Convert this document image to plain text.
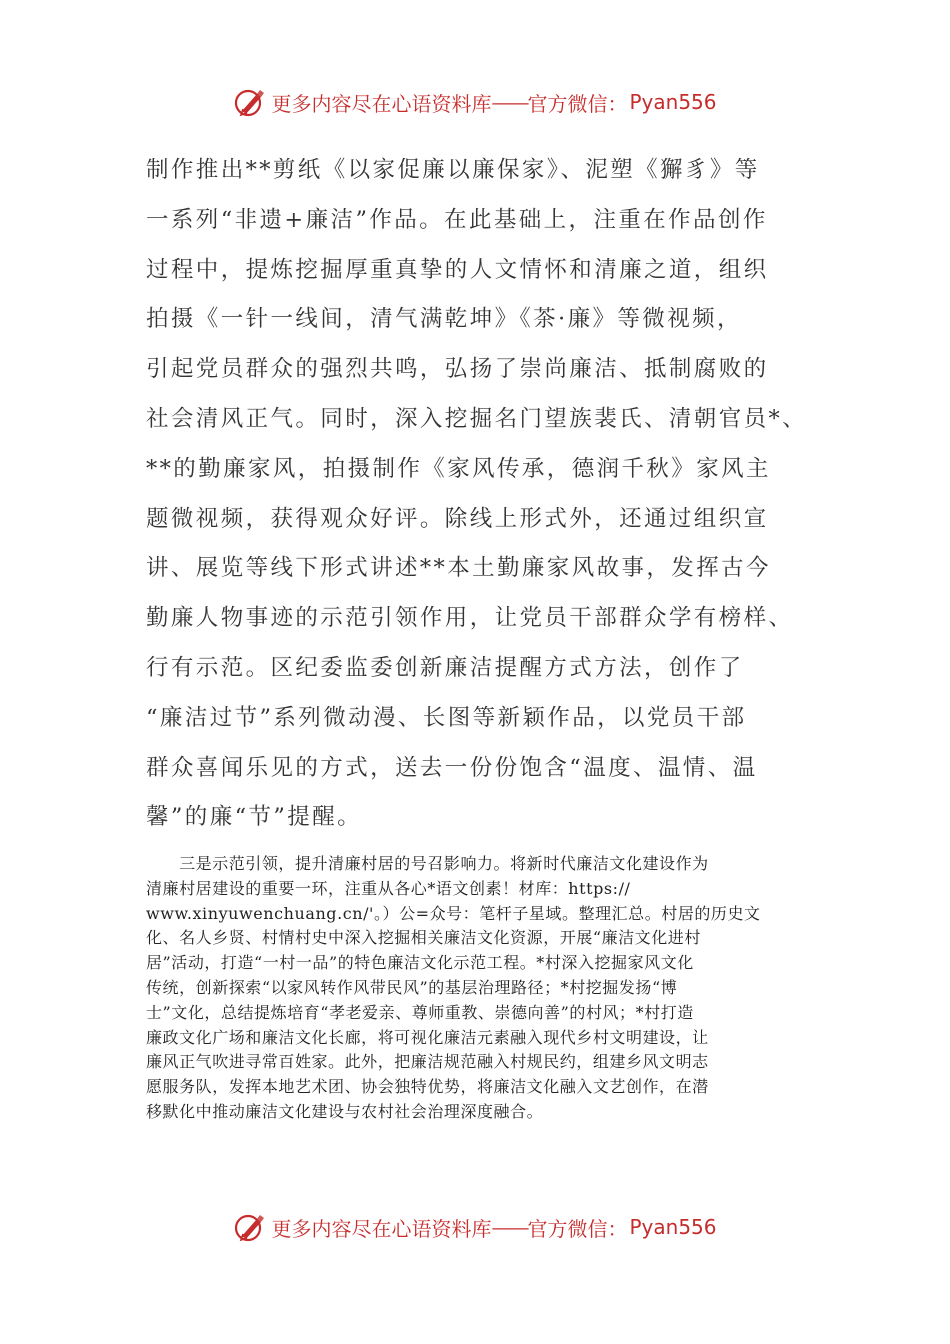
更多内容尽在心语资料库 —— 官方微信： Pyan556
制作推出**剪纸《以家促廉以廉保家》、泥塑《獬豸》等
一系列“非遗+廉洁”作品。在此基础上，注重在作品创作
过程中，提炼挖掘厚重真挚的人文情怀和清廉之道，组织
拍摄《一针一线间，清气满乾坤》《茶·廉》等微视频，
引起党员群众的强烈共鸣，弘扬了崇尚廉洁、抵制腐败的
社会清风正气。同时，深入挖掘名门望族裴氏、清朝官员*、
**的勤廉家风，拍摄制作《家风传承，德润千秋》家风主
题微视频，获得观众好评。除线上形式外，还通过组织宣
讲、展览等线下形式讲述**本土勤廉家风故事，发挥古今
勤廉人物事迹的示范引领作用，让党员干部群众学有榜样、
行有示范。区纪委监委创新廉洁提醒方式方法，创作了
“廉洁过节”系列微动漫、长图等新颖作品，以党员干部
群众喜闻乐见的方式，送去一份份饱含“温度、温情、温
馨”的廉“节”提醒。
　　三是示范引领，提升清廉村居的号召影响力。将新时代廉洁文化建设作为
清廉村居建设的重要一环，注重从各心*语文创素！材库：https://
www.xinyuwenchuang.cn/'。）公=众号：笔杆子星域。整理汇总。村居的历史文
化、名人乡贤、村情村史中深入挖掘相关廉洁文化资源，开展“廉洁文化进村
居”活动，打造“一村一品”的特色廉洁文化示范工程。*村深入挖掘家风文化
传统，创新探索“以家风转作风带民风”的基层治理路径；*村挖掘发扬“博
士”文化，总结提炼培育“孝老爱亲、尊师重教、崇德向善”的村风；*村打造
廉政文化广场和廉洁文化长廊，将可视化廉洁元素融入现代乡村文明建设，让
廉风正气吹进寻常百姓家。此外，把廉洁规范融入村规民约，组建乡风文明志
愿服务队，发挥本地艺术团、协会独特优势，将廉洁文化融入文艺创作，在潜
移默化中推动廉洁文化建设与农村社会治理深度融合。
更多内容尽在心语资料库 —— 官方微信： Pyan556
